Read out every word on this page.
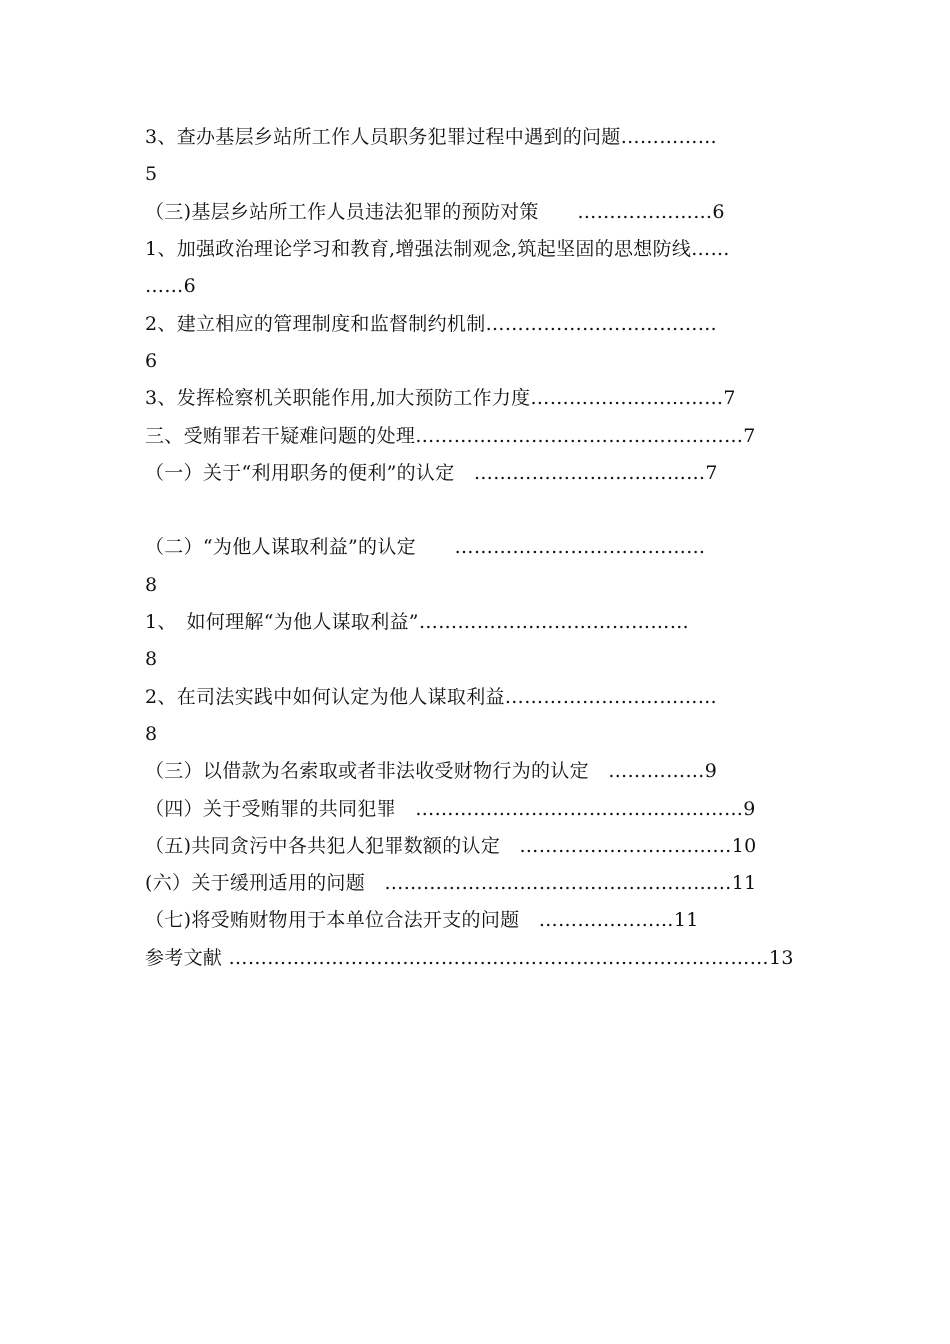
3、查办基层乡站所工作人员职务犯罪过程中遇到的问题……………
5
（三)基层乡站所工作人员违法犯罪的预防对策　　…………………6
1、加强政治理论学习和教育,增强法制观念,筑起坚固的思想防线……
……6
2、建立相应的管理制度和监督制约机制………………………………
6
3、发挥检察机关职能作用,加大预防工作力度…………………………7
三、受贿罪若干疑难问题的处理……………………………………………7
（一）关于“利用职务的便利”的认定　………………………………7
（二）“为他人谋取利益”的认定　　…………………………………
8
1、　如何理解“为他人谋取利益”……………………………………
8
2、在司法实践中如何认定为他人谋取利益……………………………
8
（三）以借款为名索取或者非法收受财物行为的认定　……………9
（四）关于受贿罪的共同犯罪　……………………………………………9
（五)共同贪污中各共犯人犯罪数额的认定　……………………………10
(六）关于缓刑适用的问题　………………………………………………11
（七)将受贿财物用于本单位合法开支的问题　…………………11
参考文献 …………………………………………………………………………13
